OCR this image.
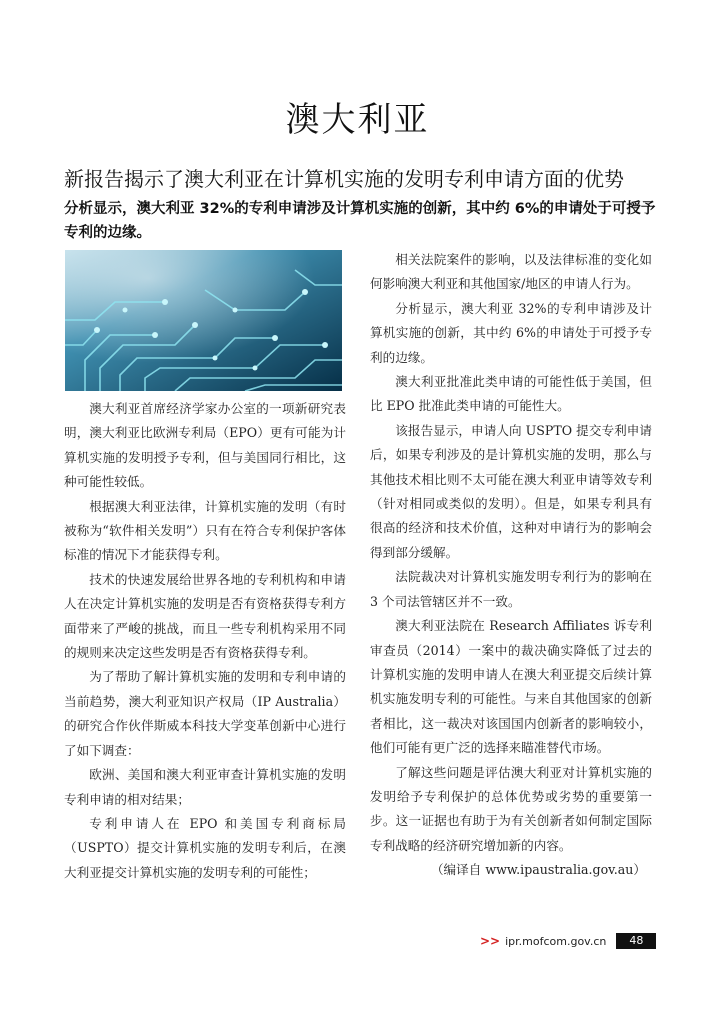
澳大利亚
新报告揭示了澳大利亚在计算机实施的发明专利申请方面的优势
分析显示，澳大利亚 32%的专利申请涉及计算机实施的创新，其中约 6%的申请处于可授予专利的边缘。

澳大利亚首席经济学家办公室的一项新研究表明，澳大利亚比欧洲专利局（EPO）更有可能为计算机实施的发明授予专利，但与美国同行相比，这种可能性较低。

根据澳大利亚法律，计算机实施的发明（有时被称为“软件相关发明”）只有在符合专利保护客体标准的情况下才能获得专利。

技术的快速发展给世界各地的专利机构和申请人在决定计算机实施的发明是否有资格获得专利方面带来了严峻的挑战，而且一些专利机构采用不同的规则来决定这些发明是否有资格获得专利。

为了帮助了解计算机实施的发明和专利申请的当前趋势，澳大利亚知识产权局（IP Australia）的研究合作伙伴斯威本科技大学变革创新中心进行了如下调查：

欧洲、美国和澳大利亚审查计算机实施的发明专利申请的相对结果；

专利申请人在 EPO 和美国专利商标局（USPTO）提交计算机实施的发明专利后，在澳大利亚提交计算机实施的发明专利的可能性；

相关法院案件的影响，以及法律标准的变化如何影响澳大利亚和其他国家/地区的申请人行为。

分析显示，澳大利亚 32%的专利申请涉及计算机实施的创新，其中约 6%的申请处于可授予专利的边缘。

澳大利亚批准此类申请的可能性低于美国，但比 EPO 批准此类申请的可能性大。

该报告显示，申请人向 USPTO 提交专利申请后，如果专利涉及的是计算机实施的发明，那么与其他技术相比则不太可能在澳大利亚申请等效专利（针对相同或类似的发明）。但是，如果专利具有很高的经济和技术价值，这种对申请行为的影响会得到部分缓解。

法院裁决对计算机实施发明专利行为的影响在 3 个司法管辖区并不一致。

澳大利亚法院在 Research Affiliates 诉专利审查员（2014）一案中的裁决确实降低了过去的计算机实施的发明申请人在澳大利亚提交后续计算机实施发明专利的可能性。与来自其他国家的创新者相比，这一裁决对该国国内创新者的影响较小，他们可能有更广泛的选择来瞄准替代市场。

了解这些问题是评估澳大利亚对计算机实施的发明给予专利保护的总体优势或劣势的重要第一步。这一证据也有助于为有关创新者如何制定国际专利战略的经济研究增加新的内容。

（编译自 www.ipaustralia.gov.au）

>> ipr.mofcom.gov.cn	48
